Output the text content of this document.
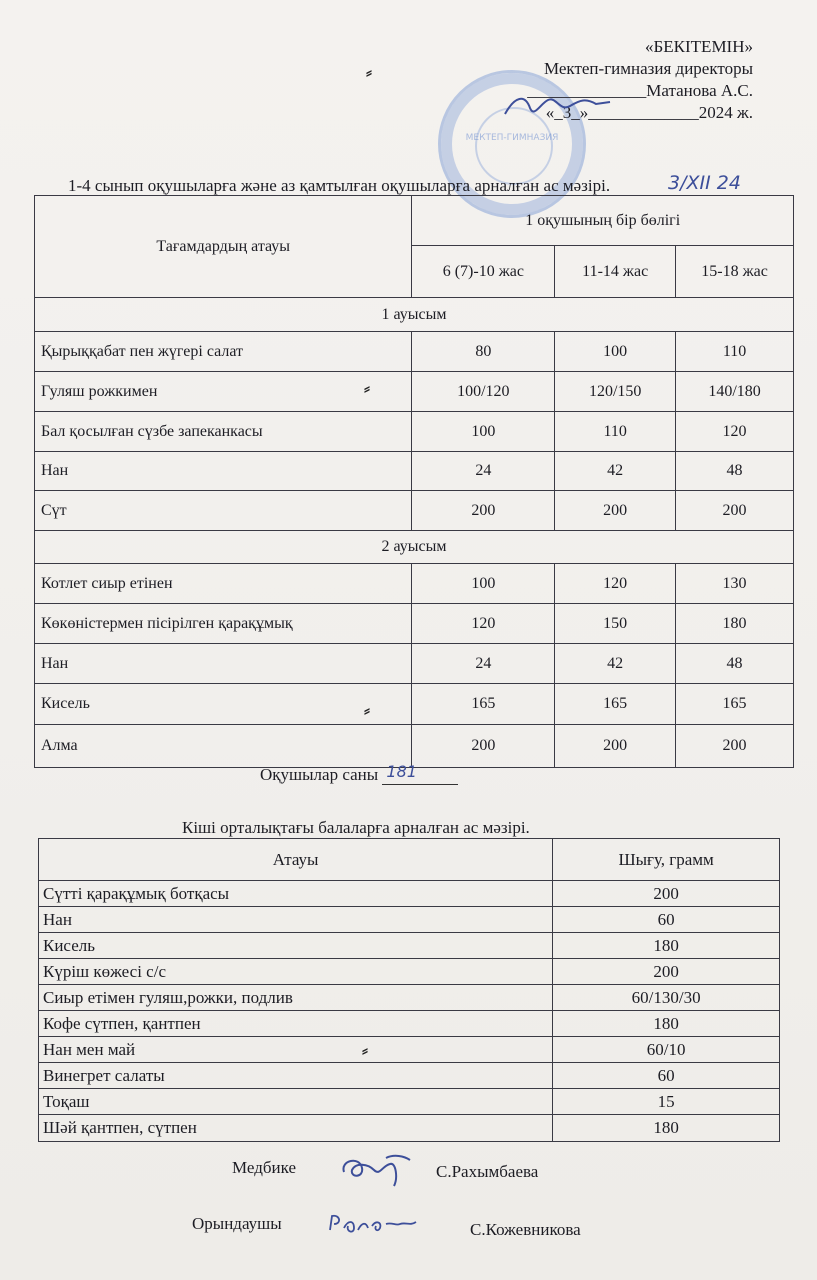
МЕКТЕП-ГИМНАЗИЯ
«БЕКІТЕМІН»
Мектеп-гимназия директоры
______________Матанова А.С.
«_3_»_____________2024 ж.
3/XII 24
⸗
1-4 сынып оқушыларға және аз қамтылған оқушыларға арналған ас мәзірі.
Тағамдардың атауы	1 оқушының бір бөлігі		
	6 (7)-10 жас	11-14 жас	15-18 жас
1 ауысым			
Қырыққабат пен жүгері салат	80	100	110
Гуляш рожкимен	100/120	120/150	140/180
Бал қосылған сүзбе запеканкасы	100	110	120
Нан	24	42	48
Сүт	200	200	200
2 ауысым			
Котлет сиыр етінен	100	120	130
Көкөністермен пісірілген қарақұмық	120	150	180
Нан	24	42	48
Кисель	165	165	165
Алма	200	200	200
⸗
⸗
Оқушылар саны 181
Кіші орталықтағы балаларға арналған ас мәзірі.
Атауы	Шығу, грамм
Сүтті қарақұмық ботқасы	200
Нан	60
Кисель	180
Күріш көжесі с/с	200
Сиыр етімен гуляш,рожки, подлив	60/130/30
Кофе сүтпен, қантпен	180
Нан мен май	60/10
Винегрет салаты	60
Тоқаш	15
Шәй қантпен, сүтпен	180
⸗
Медбике	С.Рахымбаева
Орындаушы	С.Кожевникова
